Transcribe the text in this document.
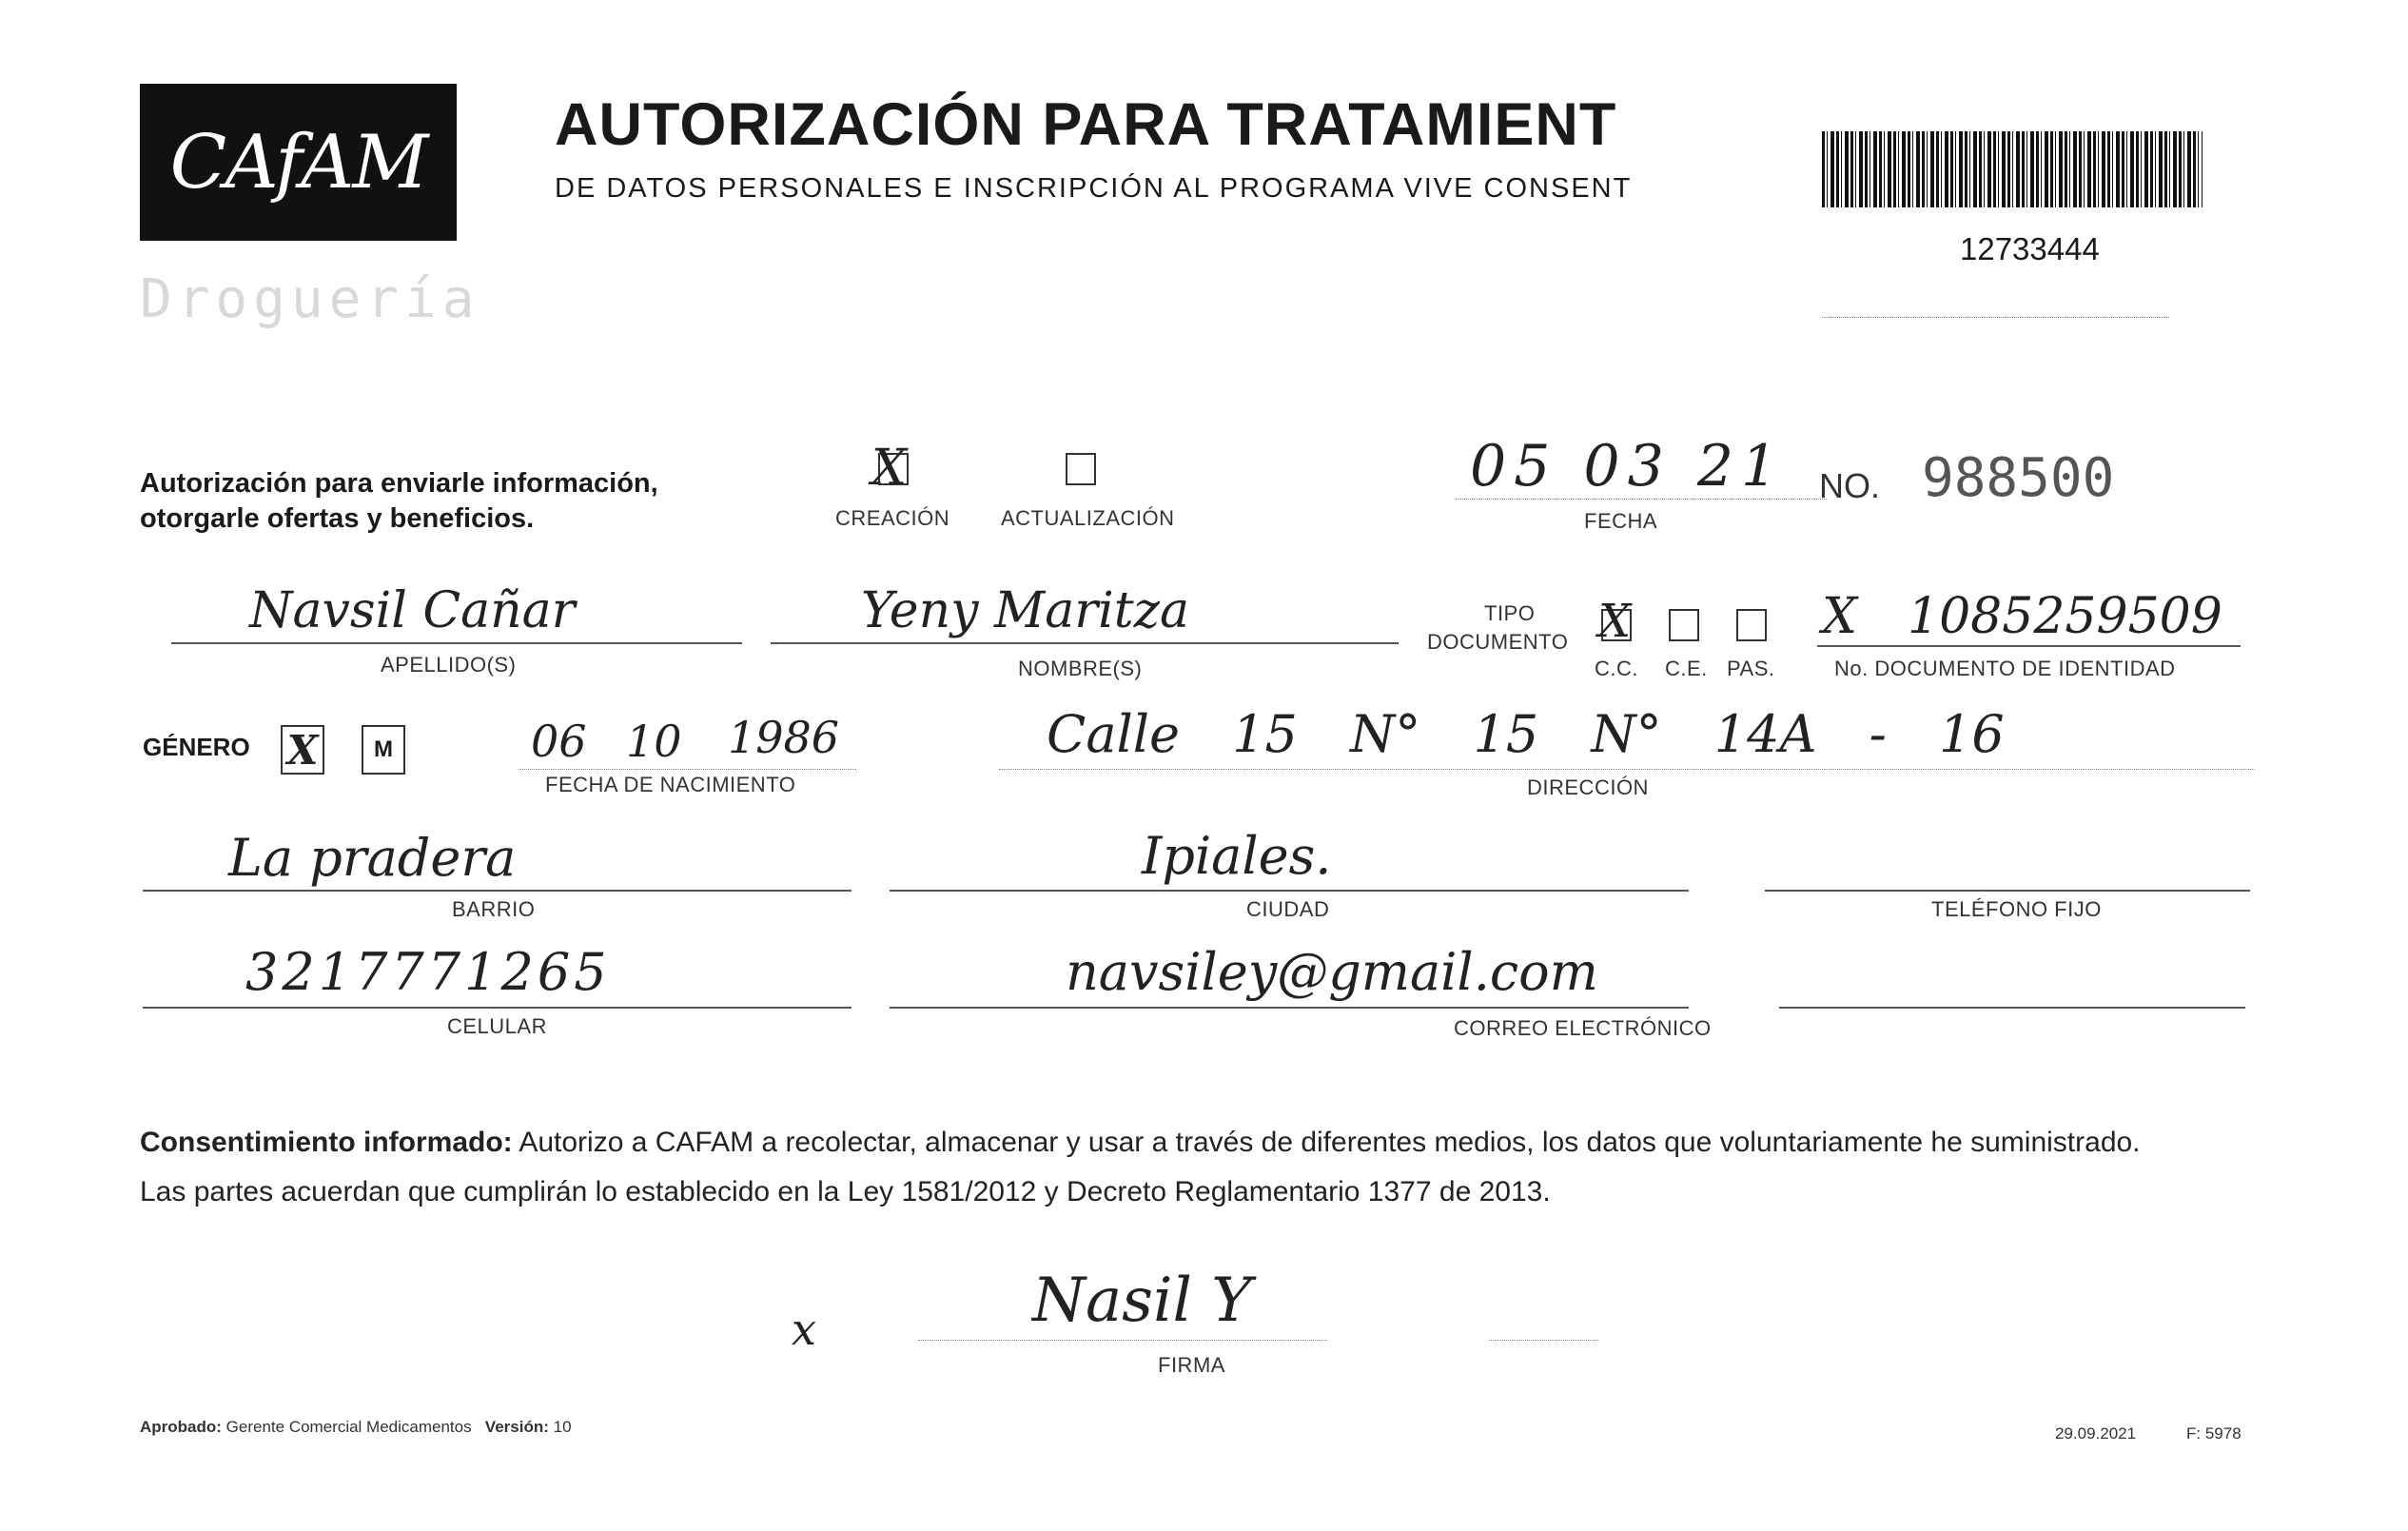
CAfAM
Droguería
AUTORIZACIÓN PARA TRATAMIENT
DE DATOS PERSONALES E INSCRIPCIÓN AL PROGRAMA VIVE CONSENT
12733444
Autorización para enviarle información,
otorgarle ofertas y beneficios.
X
CREACIÓN ACTUALIZACIÓN
05 03 21
FECHA
NO. 988500
Navsil Cañar
APELLIDO(S)
Yeny Maritza
NOMBRE(S)
TIPO
DOCUMENTO X
C.C. C.E. PAS.
X 1085259509
No. DOCUMENTO DE IDENTIDAD
GÉNERO X M	06 10 1986
FECHA DE NACIMIENTO
Calle 15 N° 15 N° 14A - 16
DIRECCIÓN
La pradera
BARRIO
Ipiales.
CIUDAD	TELÉFONO FIJO
3217771265
CELULAR
navsiley@gmail.com
CORREO ELECTRÓNICO
Consentimiento informado: Autorizo a CAFAM a recolectar, almacenar y usar a través de diferentes medios, los datos que voluntariamente he suministrado.
Las partes acuerdan que cumplirán lo establecido en la Ley 1581/2012 y Decreto Reglamentario 1377 de 2013.
x	Nasil Y
FIRMA
Aprobado: Gerente Comercial Medicamentos Versión: 10	29.09.2021	F: 5978
